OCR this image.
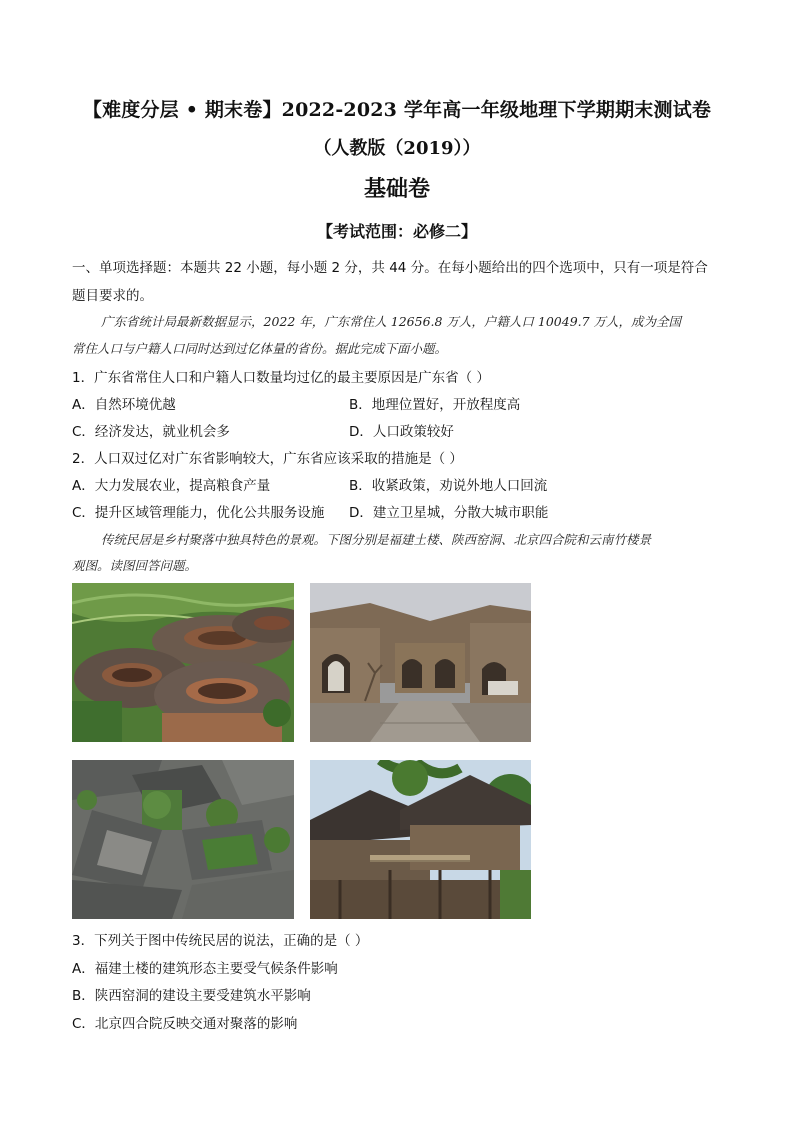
【难度分层 • 期末卷】2022-2023 学年高一年级地理下学期期末测试卷
（人教版（2019））
基础卷
【考试范围：必修二】
一、单项选择题：本题共 22 小题，每小题 2 分，共 44 分。在每小题给出的四个选项中，只有一项是符合
题目要求的。
广东省统计局最新数据显示，2022 年，广东常住人 12656.8 万人，户籍人口 10049.7 万人，成为全国
常住人口与户籍人口同时达到过亿体量的省份。据此完成下面小题。
1．广东省常住人口和户籍人口数量均过亿的最主要原因是广东省（ ）
A．自然环境优越	B．地理位置好，开放程度高
C．经济发达，就业机会多	D．人口政策较好
2．人口双过亿对广东省影响较大，广东省应该采取的措施是（ ）
A．大力发展农业，提高粮食产量	B．收紧政策，劝说外地人口回流
C．提升区域管理能力，优化公共服务设施 D．建立卫星城，分散大城市职能
传统民居是乡村聚落中独具特色的景观。下图分别是福建土楼、陕西窑洞、北京四合院和云南竹楼景
观图。读图回答问题。
3．下列关于图中传统民居的说法，正确的是（ ）
A．福建土楼的建筑形态主要受气候条件影响
B．陕西窑洞的建设主要受建筑水平影响
C．北京四合院反映交通对聚落的影响
